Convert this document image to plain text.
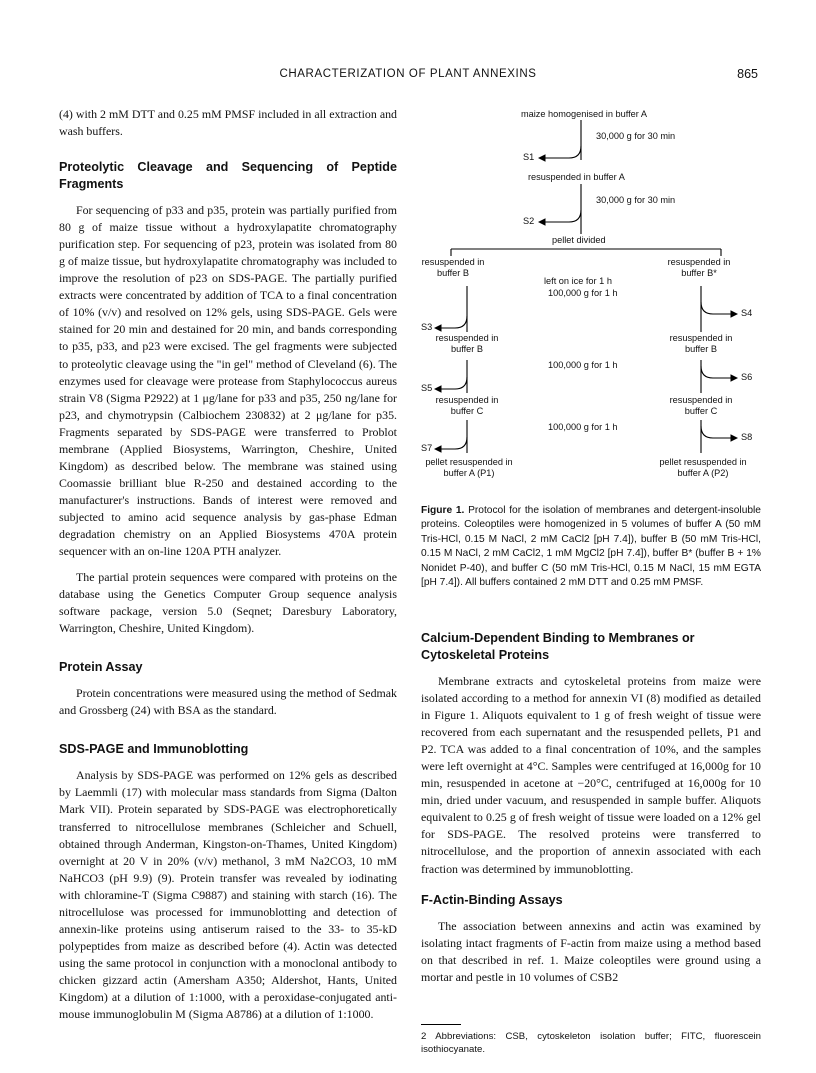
CHARACTERIZATION OF PLANT ANNEXINS	865

(4) with 2 mM DTT and 0.25 mM PMSF included in all extraction and wash buffers.

Proteolytic Cleavage and Sequencing of Peptide Fragments

For sequencing of p33 and p35, protein was partially purified from 80 g of maize tissue without a hydroxylapatite chromatography purification step. For sequencing of p23, protein was isolated from 80 g of maize tissue, but hydroxylapatite chromatography was included to improve the resolution of p23 on SDS-PAGE. The partially purified extracts were concentrated by addition of TCA to a final concentration of 10% (v/v) and resolved on 12% gels, using SDS-PAGE. Gels were stained for 20 min and destained for 20 min, and bands corresponding to p35, p33, and p23 were excised. The gel fragments were subjected to proteolytic cleavage using the "in gel" method of Cleveland (6). The enzymes used for cleavage were protease from Staphylococcus aureus strain V8 (Sigma P2922) at 1 μg/lane for p33 and p35, 250 ng/lane for p23, and chymotrypsin (Calbiochem 230832) at 2 μg/lane for p35. Fragments separated by SDS-PAGE were transferred to Problot membrane (Applied Biosystems, Warrington, Cheshire, United Kingdom) as described below. The membrane was stained using Coomassie brilliant blue R-250 and destained according to the manufacturer's instructions. Bands of interest were removed and subjected to amino acid sequence analysis by gas-phase Edman degradation chemistry on an Applied Biosystems 470A protein sequencer with an on-line 120A PTH analyzer.

The partial protein sequences were compared with proteins on the database using the Genetics Computer Group sequence analysis software package, version 5.0 (Seqnet; Daresbury Laboratory, Warrington, Cheshire, United Kingdom).

Protein Assay

Protein concentrations were measured using the method of Sedmak and Grossberg (24) with BSA as the standard.

SDS-PAGE and Immunoblotting

Analysis by SDS-PAGE was performed on 12% gels as described by Laemmli (17) with molecular mass standards from Sigma (Dalton Mark VII). Protein separated by SDS-PAGE was electrophoretically transferred to nitrocellulose membranes (Schleicher and Schuell, obtained through Anderman, Kingston-on-Thames, United Kingdom) overnight at 20 V in 20% (v/v) methanol, 3 mM Na2CO3, 10 mM NaHCO3 (pH 9.9) (9). Protein transfer was revealed by iodinating with chloramine-T (Sigma C9887) and staining with starch (16). The nitrocellulose was processed for immunoblotting and detection of annexin-like proteins using antiserum raised to the 33- to 35-kD polypeptides from maize as described before (4). Actin was detected using the same protocol in conjunction with a monoclonal antibody to chicken gizzard actin (Amersham A350; Aldershot, Hants, United Kingdom) at a dilution of 1:1000, with a peroxidase-conjugated anti-mouse immunoglobulin M (Sigma A8786) at a dilution of 1:1000.

maize homogenised in buffer A
30,000 g for 30 min
S1
resuspended in buffer A
30,000 g for 30 min
S2
pellet divided
resuspended in
buffer B
resuspended in
buffer B*
left on ice for 1 h
100,000 g for 1 h
S3
S4
resuspended in
buffer B
resuspended in
buffer B
100,000 g for 1 h
S5
S6
resuspended in
buffer C
resuspended in
buffer C
100,000 g for 1 h
S7
S8
pellet resuspended in
buffer A (P1)
pellet resuspended in
buffer A (P2)
Figure 1. Protocol for the isolation of membranes and detergent-insoluble proteins. Coleoptiles were homogenized in 5 volumes of buffer A (50 mM Tris-HCl, 0.15 M NaCl, 2 mM CaCl2 [pH 7.4]), buffer B (50 mM Tris-HCl, 0.15 M NaCl, 2 mM CaCl2, 1 mM MgCl2 [pH 7.4]), buffer B* (buffer B + 1% Nonidet P-40), and buffer C (50 mM Tris-HCl, 0.15 M NaCl, 15 mM EGTA [pH 7.4]). All buffers contained 2 mM DTT and 0.25 mM PMSF.
Calcium-Dependent Binding to Membranes or
Cytoskeletal Proteins

Membrane extracts and cytoskeletal proteins from maize were isolated according to a method for annexin VI (8) modified as detailed in Figure 1. Aliquots equivalent to 1 g of fresh weight of tissue were recovered from each supernatant and the resuspended pellets, P1 and P2. TCA was added to a final concentration of 10%, and the samples were left overnight at 4°C. Samples were centrifuged at 16,000g for 10 min, resuspended in acetone at −20°C, centrifuged at 16,000g for 10 min, dried under vacuum, and resuspended in sample buffer. Aliquots equivalent to 0.25 g of fresh weight of tissue were loaded on a 12% gel for SDS-PAGE. The resolved proteins were transferred to nitrocellulose, and the proportion of annexin associated with each fraction was determined by immunoblotting.

F-Actin-Binding Assays

The association between annexins and actin was examined by isolating intact fragments of F-actin from maize using a method based on that described in ref. 1. Maize coleoptiles were ground using a mortar and pestle in 10 volumes of CSB2

2 Abbreviations: CSB, cytoskeleton isolation buffer; FITC, fluorescein isothiocyanate.
